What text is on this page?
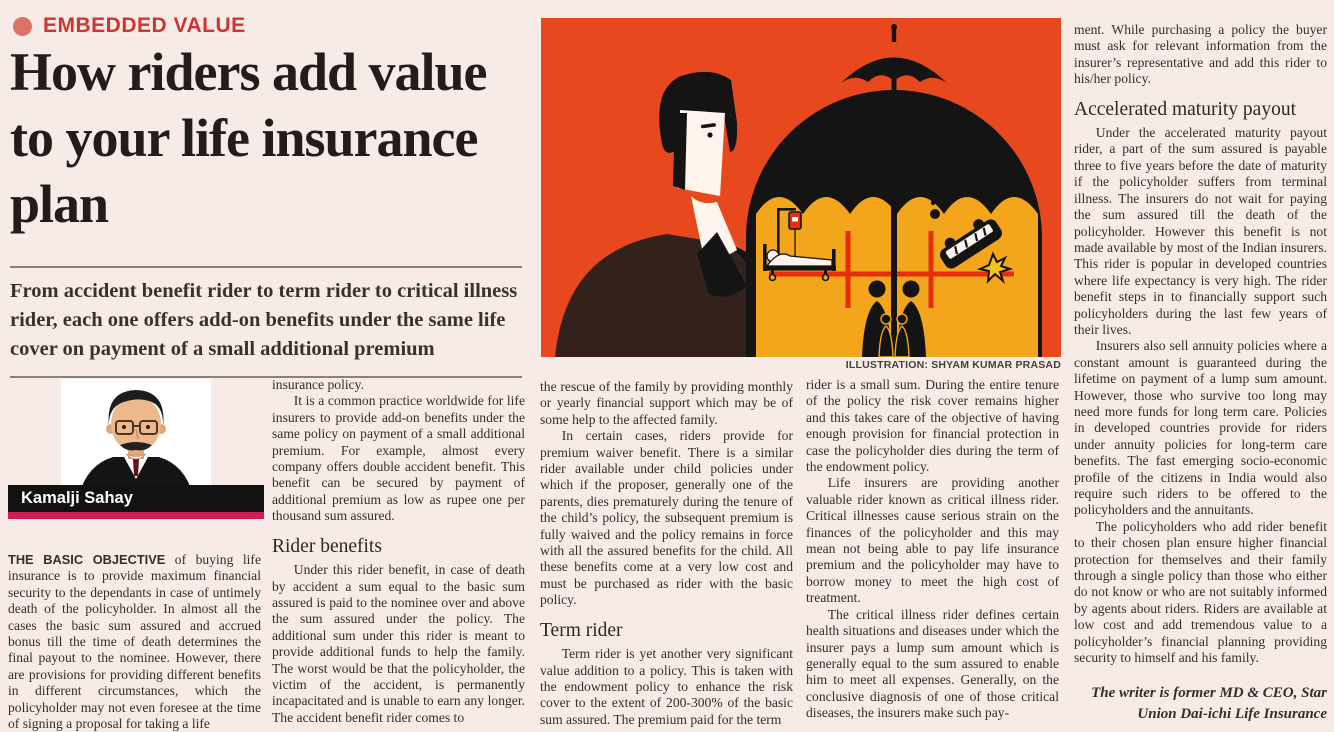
EMBEDDED VALUE
How riders add value to your life insurance plan
From accident benefit rider to term rider to critical illness rider, each one offers add-on benefits under the same life cover on payment of a small additional premium
Kamalji Sahay
ILLUSTRATION: SHYAM KUMAR PRASAD

THE BASIC OBJECTIVE of buying life insurance is to provide maximum financial security to the dependants in case of untimely death of the policyholder. In almost all the cases the basic sum assured and accrued bonus till the time of death determines the final payout to the nominee. However, there are provisions for providing different benefits in different circumstances, which the policyholder may not even foresee at the time of signing a proposal for taking a life

insurance policy.

It is a common practice worldwide for life insurers to provide add-on benefits under the same policy on payment of a small additional premium. For example, almost every company offers double accident benefit. This benefit can be secured by payment of additional premium as low as rupee one per thousand sum assured.

Rider benefits

Under this rider benefit, in case of death by accident a sum equal to the basic sum assured is paid to the nominee over and above the sum assured under the policy. The additional sum under this rider is meant to provide additional funds to help the family. The worst would be that the policyholder, the victim of the accident, is permanently incapacitated and is unable to earn any longer. The accident benefit rider comes to

the rescue of the family by providing monthly or yearly financial support which may be of some help to the affected family.

In certain cases, riders provide for premium waiver benefit. There is a similar rider available under child policies under which if the proposer, generally one of the parents, dies prematurely during the tenure of the child’s policy, the subsequent premium is fully waived and the policy remains in force with all the assured benefits for the child. All these benefits come at a very low cost and must be purchased as rider with the basic policy.

Term rider

Term rider is yet another very significant value addition to a policy. This is taken with the endowment policy to enhance the risk cover to the extent of 200-300% of the basic sum assured. The premium paid for the term

rider is a small sum. During the entire tenure of the policy the risk cover remains higher and this takes care of the objective of having enough provision for financial protection in case the policyholder dies during the term of the endowment policy.

Life insurers are providing another valuable rider known as critical illness rider. Critical illnesses cause serious strain on the finances of the policyholder and this may mean not being able to pay life insurance premium and the policyholder may have to borrow money to meet the high cost of treatment.

The critical illness rider defines certain health situations and diseases under which the insurer pays a lump sum amount which is generally equal to the sum assured to enable him to meet all expenses. Generally, on the conclusive diagnosis of one of those critical diseases, the insurers make such pay-

ment. While purchasing a policy the buyer must ask for relevant information from the insurer’s representative and add this rider to his/her policy.

Accelerated maturity payout

Under the accelerated maturity payout rider, a part of the sum assured is payable three to five years before the date of maturity if the policyholder suffers from terminal illness. The insurers do not wait for paying the sum assured till the death of the policyholder. However this benefit is not made available by most of the Indian insurers. This rider is popular in developed countries where life expectancy is very high. The rider benefit steps in to financially support such policyholders during the last few years of their lives.

Insurers also sell annuity policies where a constant amount is guaranteed during the lifetime on payment of a lump sum amount. However, those who survive too long may need more funds for long term care. Policies in developed countries provide for riders under annuity policies for long-term care benefits. The fast emerging socio-economic profile of the citizens in India would also require such riders to be offered to the policyholders and the annuitants.

The policyholders who add rider benefit to their chosen plan ensure higher financial protection for themselves and their family through a single policy than those who either do not know or who are not suitably informed by agents about riders. Riders are available at low cost and add tremendous value to a policyholder’s financial planning providing security to himself and his family.

The writer is former MD & CEO, Star Union Dai-ichi Life Insurance
